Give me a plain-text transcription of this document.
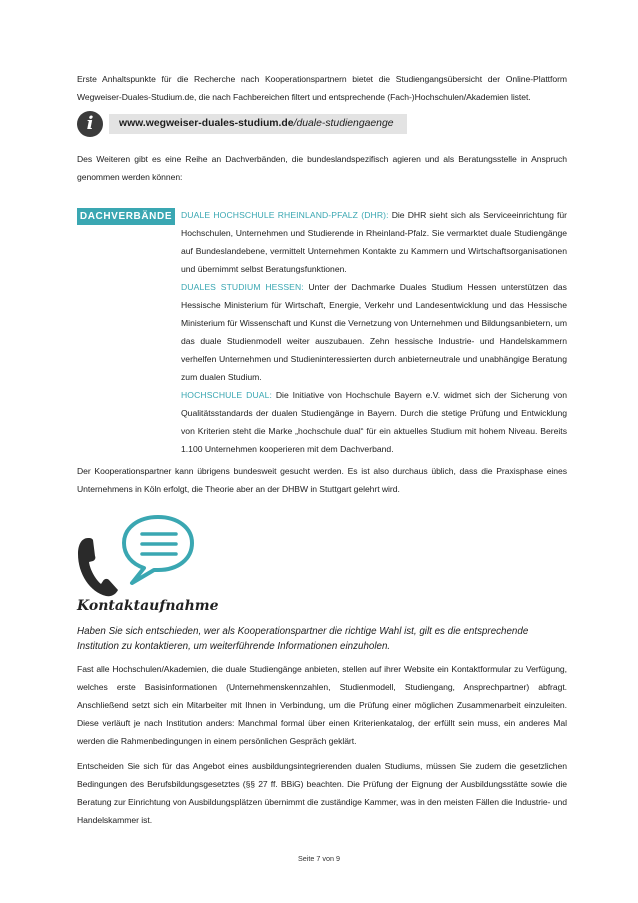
Erste Anhaltspunkte für die Recherche nach Kooperationspartnern bietet die Studiengangsübersicht der Online-Plattform Wegweiser-Duales-Studium.de, die nach Fachbereichen filtert und entsprechende (Fach-)Hochschulen/Akademien listet.
i	www.wegweiser-duales-studium.de/duale-studiengaenge
Des Weiteren gibt es eine Reihe an Dachverbänden, die bundeslandspezifisch agieren und als Beratungsstelle in Anspruch genommen werden können:
DACHVERBÄNDE	DUALE HOCHSCHULE RHEINLAND-PFALZ (DHR): Die DHR sieht sich als Serviceeinrichtung für Hochschulen, Unternehmen und Studierende in Rheinland-Pfalz. Sie vermarktet duale Studiengänge auf Bundeslandebene, vermittelt Unternehmen Kontakte zu Kammern und Wirtschaftsorganisationen und übernimmt selbst Beratungsfunktionen.
DUALES STUDIUM HESSEN: Unter der Dachmarke Duales Studium Hessen unterstützen das Hessische Ministerium für Wirtschaft, Energie, Verkehr und Landesentwicklung und das Hessische Ministerium für Wissenschaft und Kunst die Vernetzung von Unternehmen und Bildungsanbietern, um das duale Studienmodell weiter auszubauen. Zehn hessische Industrie- und Handelskammern verhelfen Unternehmen und Studieninteressierten durch anbieterneutrale und unabhängige Beratung zum dualen Studium.
HOCHSCHULE DUAL: Die Initiative von Hochschule Bayern e.V. widmet sich der Sicherung von Qualitätsstandards der dualen Studiengänge in Bayern. Durch die stetige Prüfung und Entwicklung von Kriterien steht die Marke „hochschule dual“ für ein aktuelles Studium mit hohem Niveau. Bereits 1.100 Unternehmen kooperieren mit dem Dachverband.
Der Kooperationspartner kann übrigens bundesweit gesucht werden. Es ist also durchaus üblich, dass die Praxisphase eines Unternehmens in Köln erfolgt, die Theorie aber an der DHBW in Stuttgart gelehrt wird.
Kontaktaufnahme
Haben Sie sich entschieden, wer als Kooperationspartner die richtige Wahl ist, gilt es die entsprechende Institution zu kontaktieren, um weiterführende Informationen einzuholen.
Fast alle Hochschulen/Akademien, die duale Studiengänge anbieten, stellen auf ihrer Website ein Kontaktformular zu Verfügung, welches erste Basisinformationen (Unternehmenskennzahlen, Studienmodell, Studiengang, Ansprechpartner) abfragt. Anschließend setzt sich ein Mitarbeiter mit Ihnen in Verbindung, um die Prüfung einer möglichen Zusammenarbeit einzuleiten. Diese verläuft je nach Institution anders: Manchmal formal über einen Kriterienkatalog, der erfüllt sein muss, ein anderes Mal werden die Rahmenbedingungen in einem persönlichen Gespräch geklärt.
Entscheiden Sie sich für das Angebot eines ausbildungsintegrierenden dualen Studiums, müssen Sie zudem die gesetzlichen Bedingungen des Berufsbildungsgesetztes (§§ 27 ff. BBiG) beachten. Die Prüfung der Eignung der Ausbildungsstätte sowie die Beratung zur Einrichtung von Ausbildungsplätzen übernimmt die zuständige Kammer, was in den meisten Fällen die Industrie- und Handelskammer ist.
Seite 7 von 9
